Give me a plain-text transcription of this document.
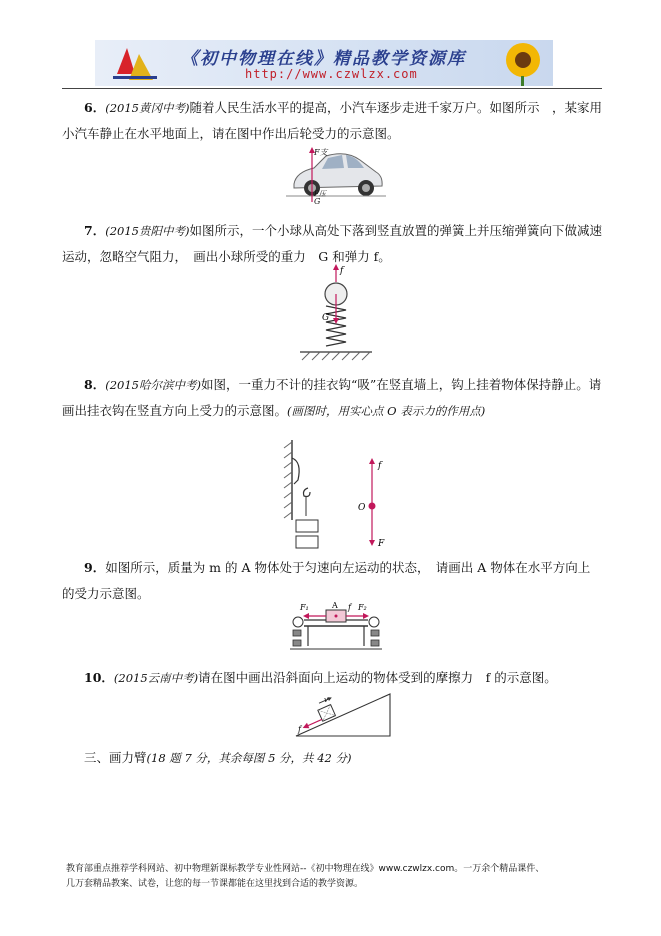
《初中物理在线》精品教学资源库
http://www.czwlzx.com
6．(2015黄冈中考)随着人民生活水平的提高，小汽车逐步走进千家万户。如图所示　，某家用小汽车静止在水平地面上，请在图中作出后轮受力的示意图。
F支
F压
G
7．(2015贵阳中考)如图所示，一个小球从高处下落到竖直放置的弹簧上并压缩弹簧向下做减速运动，忽略空气阻力，　画出小球所受的重力　G 和弹力 f。
f
G
8．(2015哈尔滨中考)如图，一重力不计的挂衣钩“吸”在竖直墙上，钩上挂着物体保持静止。请画出挂衣钩在竖直方向上受力的示意图。(画图时，用实心点 O 表示力的作用点)
f
O
F
9．如图所示，质量为 m 的 A 物体处于匀速向左运动的状态，　请画出 A 物体在水平方向上的受力示意图。
F₁	A f F₂
10．(2015云南中考)请在图中画出沿斜面向上运动的物体受到的摩擦力　f 的示意图。
v
f
三、画力臂(18 题 7 分，其余每图 5 分，共 42 分)
教育部重点推荐学科网站、初中物理新课标教学专业性网站--《初中物理在线》www.czwlzx.com。一万余个精品课件、
几万套精品教案、试卷，让您的每一节课都能在这里找到合适的教学资源。
